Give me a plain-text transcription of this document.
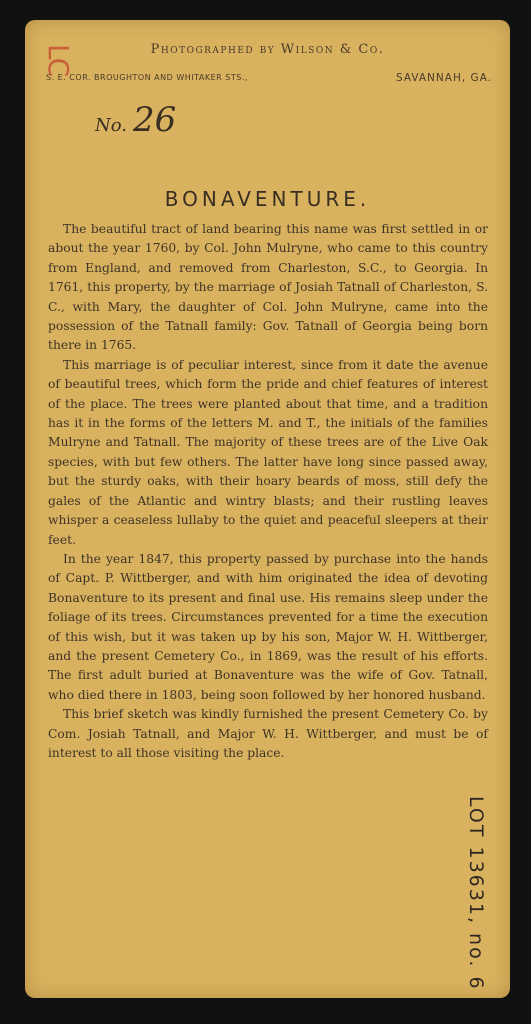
LC	Photographed by Wilson & Co.
S. E. COR. BROUGHTON AND WHITAKER STS.,	SAVANNAH, GA.
No. 26
BONAVENTURE.

The beautiful tract of land bearing this name was first settled in or about the year 1760, by Col. John Mulryne, who came to this country from England, and removed from Charleston, S.C., to Georgia. In 1761, this property, by the marriage of Josiah Tatnall of Charleston, S. C., with Mary, the daughter of Col. John Mulryne, came into the possession of the Tatnall family: Gov. Tatnall of Georgia being born there in 1765.

This marriage is of peculiar interest, since from it date the avenue of beautiful trees, which form the pride and chief features of interest of the place. The trees were planted about that time, and a tradition has it in the forms of the letters M. and T., the initials of the families Mulryne and Tatnall. The majority of these trees are of the Live Oak species, with but few others. The latter have long since passed away, but the sturdy oaks, with their hoary beards of moss, still defy the gales of the Atlantic and wintry blasts; and their rustling leaves whisper a ceaseless lullaby to the quiet and peaceful sleepers at their feet.

In the year 1847, this property passed by purchase into the hands of Capt. P. Wittberger, and with him originated the idea of devoting Bonaventure to its present and final use. His remains sleep under the foliage of its trees. Circumstances prevented for a time the execution of this wish, but it was taken up by his son, Major W. H. Wittberger, and the present Cemetery Co., in 1869, was the result of his efforts. The first adult buried at Bonaventure was the wife of Gov. Tatnall, who died there in 1803, being soon followed by her honored husband.

This brief sketch was kindly furnished the present Cemetery Co. by Com. Josiah Tatnall, and Major W. H. Wittberger, and must be of interest to all those visiting the place.

LOT 13631, no. 6
